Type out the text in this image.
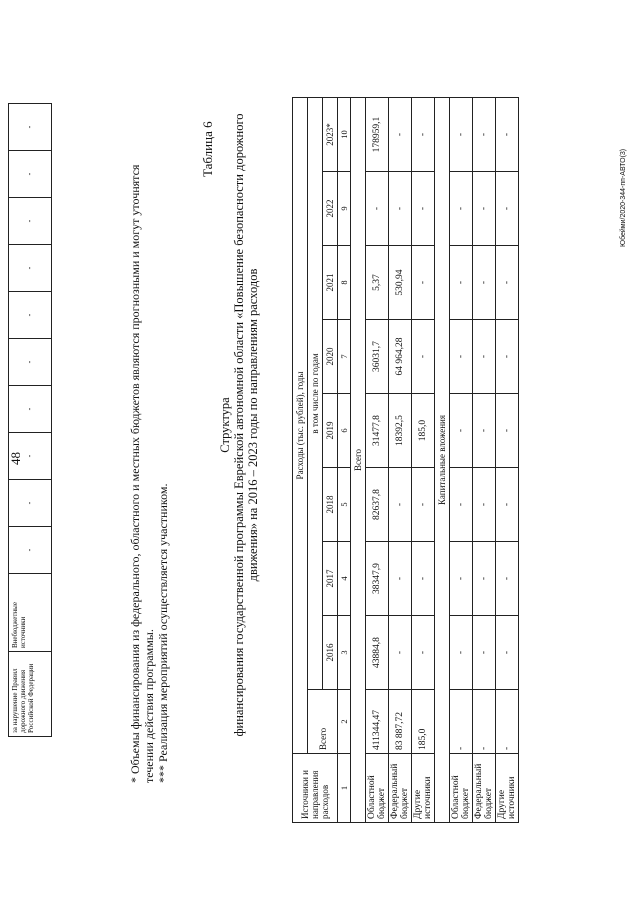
48
за нарушение Правил дорожного движения Российской Федерации	Внебюджетные источники	-	-	-	-	-	-	-	-	-	-
* Объемы финансирования из федерального, областного и местных бюджетов являются прогнозными и могут уточнятся течении действия программы. *** Реализация мероприятий осуществляется участником.
Таблица 6
Структура финансирования государственной программы Еврейской автономной области «Повышение безопасности дорожного движения» на 2016 – 2023 годы по направлениям расходов
Источники и направления расходов	Расходы (тыс. рублей), годы								
	Всего	в том числе по годам							
		2016	2017	2018	2019	2020	2021	2022	2023*
1	2	3	4	5	6	7	8	9	10
Всего									
Областной бюджет	411344,47	43884,8	38347,9	82637,8	31477,8	36031,7	5,37	-	178959,1
Федеральный бюджет	83 887,72	-	-	-	18392,5	64 964,28	530,94	-	-
Другие источники	185,0	-	-	-	185,0	-	-	-	-
Капитальные вложения									
Областной бюджет	-	-	-	-	-	-	-	-	-
Федеральный бюджет	-	-	-	-	-	-	-	-	-
Другие источники	-	-	-	-	-	-	-	-	-
Юбейми/2020-344-пп-АВТО(3)
